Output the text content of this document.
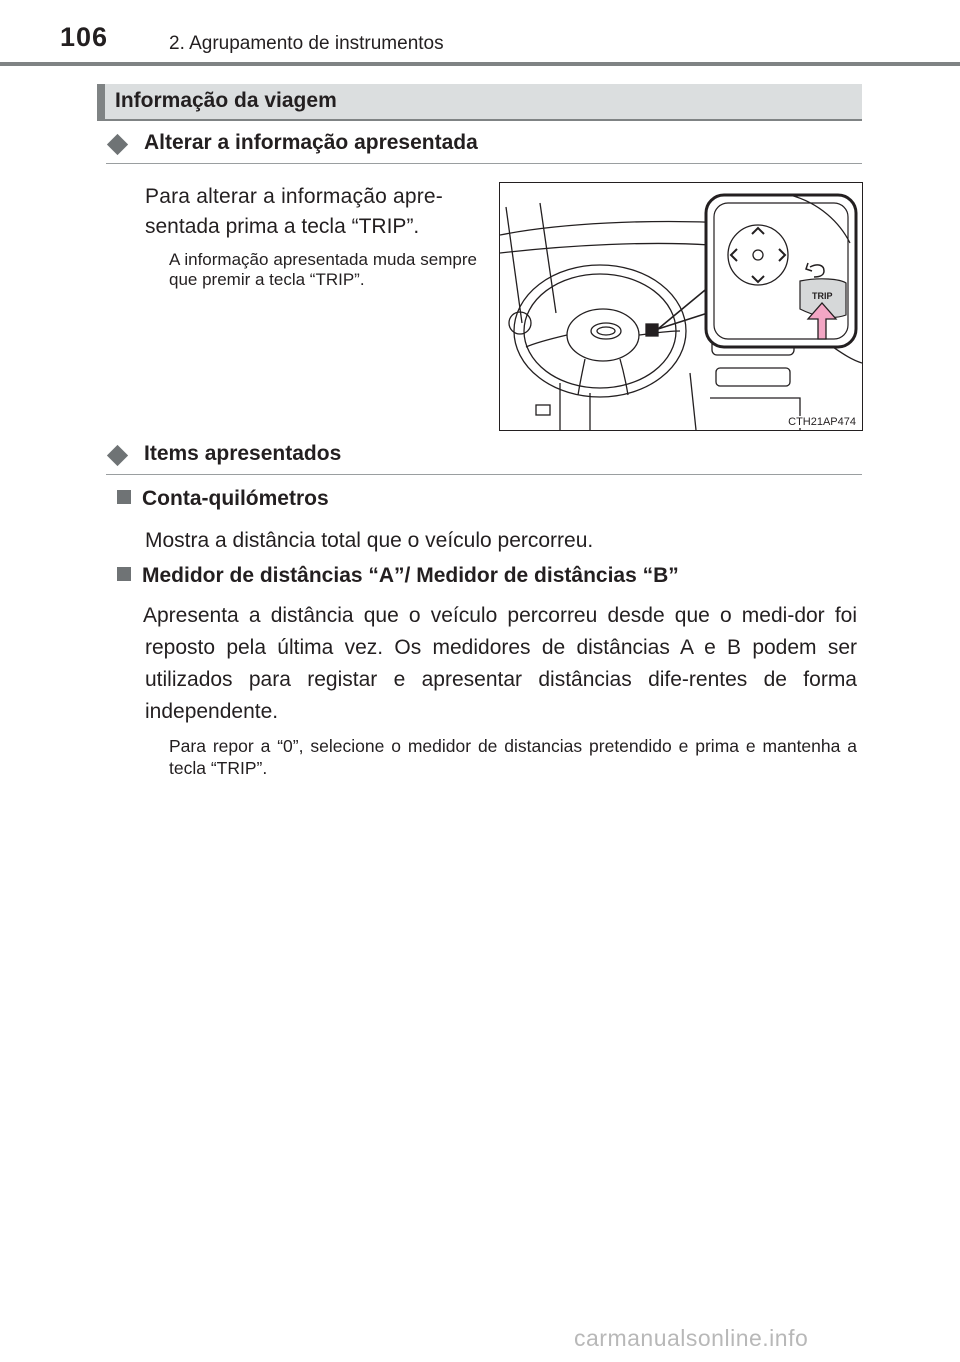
106	2. Agrupamento de instrumentos
Informação da viagem
Alterar a informação apresentada
Para alterar a informação apre-
sentada prima a tecla “TRIP”.
A informação apresentada muda sempre que premir a tecla “TRIP”.
TRIP
CTH21AP474
Items apresentados
Conta-quilómetros
Mostra a distância total que o veículo percorreu.
Medidor de distâncias “A”/ Medidor de distâncias “B”
Apresenta a distância que o veículo percorreu desde que o medi-dor foi reposto pela última vez. Os medidores de distâncias A e B podem ser utilizados para registar e apresentar distâncias dife-rentes de forma independente.
Para repor a “0”, selecione o medidor de distancias pretendido e prima e mantenha a tecla “TRIP”.
carmanualsonline.info
